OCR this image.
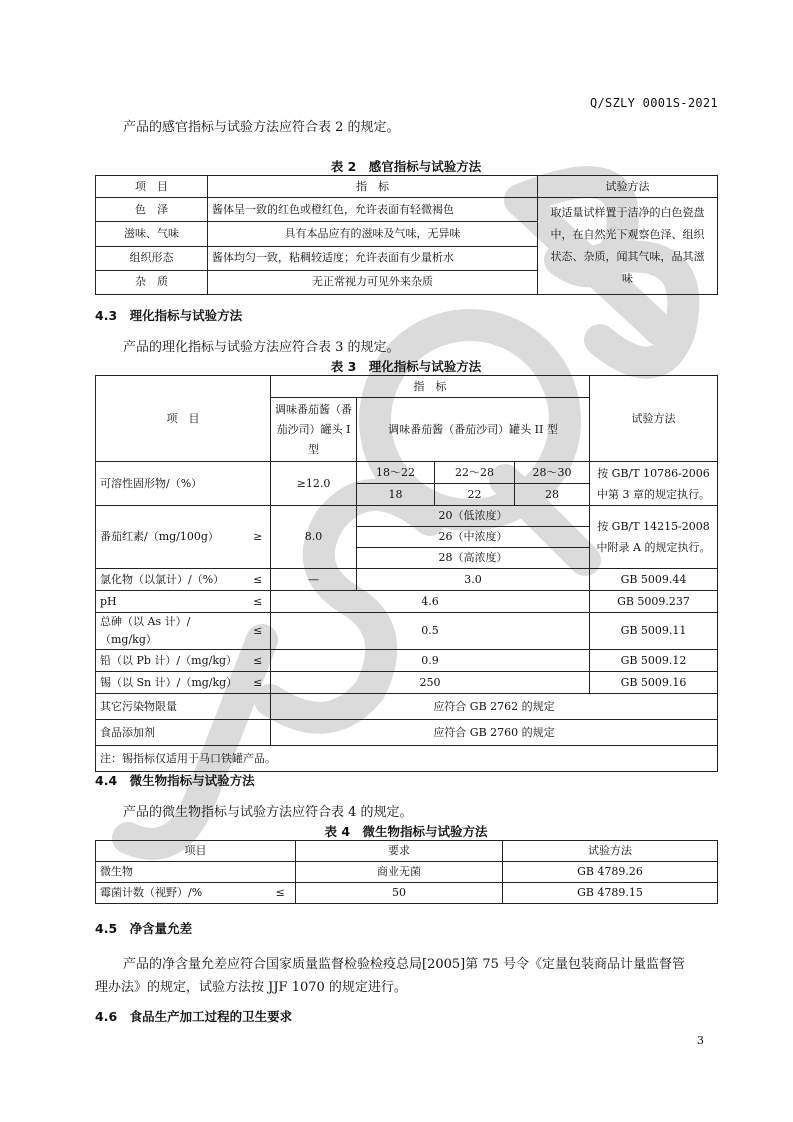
Q/SZLY 0001S-2021
产品的感官指标与试验方法应符合表 2 的规定。
表 2　感官指标与试验方法
项　目	指　标	试验方法
色　泽	酱体呈一致的红色或橙红色，允许表面有轻微褐色	取适量试样置于洁净的白色瓷盘中，在自然光下观察色泽、组织状态、杂质，闻其气味，品其滋味
滋味、气味	具有本品应有的滋味及气味，无异味	
组织形态	酱体均匀一致，粘稠较适度；允许表面有少量析水	
杂　质	无正常视力可见外来杂质	
4.3　理化指标与试验方法
产品的理化指标与试验方法应符合表 3 的规定。
表 3　理化指标与试验方法
项　目		指　标				试验方法
		调味番茄酱（番茄沙司）罐头 I 型	调味番茄酱（番茄沙司）罐头 II 型			
可溶性固形物/（%）		≥12.0	18～22	22～28	28～30	按 GB/T 10786-2006 中第 3 章的规定执行。
			18	22	28	
番茄红素/（mg/100g）	≥	8.0	20（低浓度）			按 GB/T 14215-2008 中附录 A 的规定执行。
			26（中浓度）			
			28（高浓度）			
氯化物（以氯计）/（%）	≤	—	3.0			GB 5009.44
pH	≤	4.6				GB 5009.237
总砷（以 As 计）/（mg/kg）	≤	0.5				GB 5009.11
铅（以 Pb 计）/（mg/kg）	≤	0.9				GB 5009.12
锡（以 Sn 计）/（mg/kg）	≤	250				GB 5009.16
其它污染物限量		应符合 GB 2762 的规定				
食品添加剂		应符合 GB 2760 的规定				
注：锡指标仅适用于马口铁罐产品。						
4.4　微生物指标与试验方法
产品的微生物指标与试验方法应符合表 4 的规定。
表 4　微生物指标与试验方法
项目		要求	试验方法
微生物		商业无菌	GB 4789.26
霉菌计数（视野）/%	≤	50	GB 4789.15
4.5　净含量允差
产品的净含量允差应符合国家质量监督检验检疫总局[2005]第 75 号令《定量包装商品计量监督管
理办法》的规定，试验方法按 JJF 1070 的规定进行。
4.6　食品生产加工过程的卫生要求
3
